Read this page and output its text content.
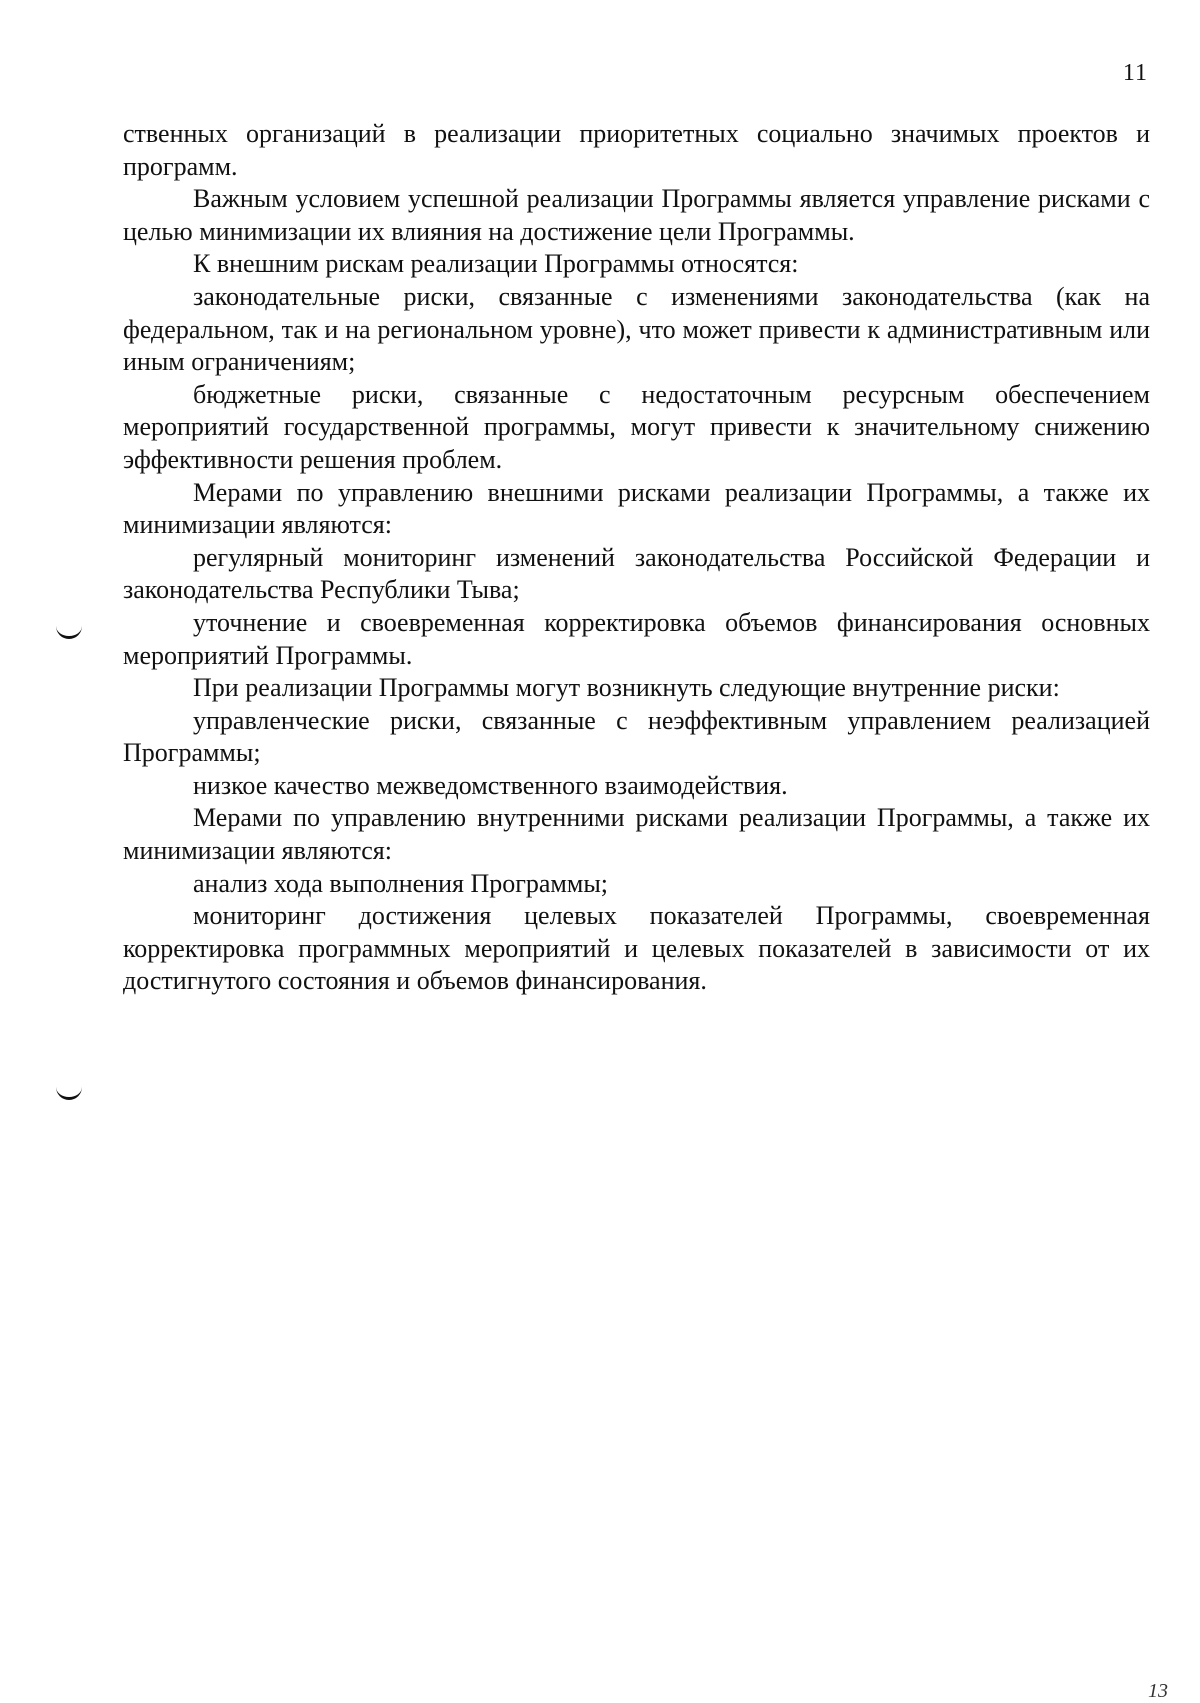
11

ственных организаций в реализации приоритетных социально значимых проектов и программ.

Важным условием успешной реализации Программы является управление рисками с целью минимизации их влияния на достижение цели Программы.

К внешним рискам реализации Программы относятся:

законодательные риски, связанные с изменениями законодательства (как на федеральном, так и на региональном уровне), что может привести к административным или иным ограничениям;

бюджетные риски, связанные с недостаточным ресурсным обеспечением мероприятий государственной программы, могут привести к значительному снижению эффективности решения проблем.

Мерами по управлению внешними рисками реализации Программы, а также их минимизации являются:

регулярный мониторинг изменений законодательства Российской Федерации и законодательства Республики Тыва;

уточнение и своевременная корректировка объемов финансирования основных мероприятий Программы.

При реализации Программы могут возникнуть следующие внутренние риски:

управленческие риски, связанные с неэффективным управлением реализацией Программы;

низкое качество межведомственного взаимодействия.

Мерами по управлению внутренними рисками реализации Программы, а также их минимизации являются:

анализ хода выполнения Программы;

мониторинг достижения целевых показателей Программы, своевременная корректировка программных мероприятий и целевых показателей в зависимости от их достигнутого состояния и объемов финансирования.

13
